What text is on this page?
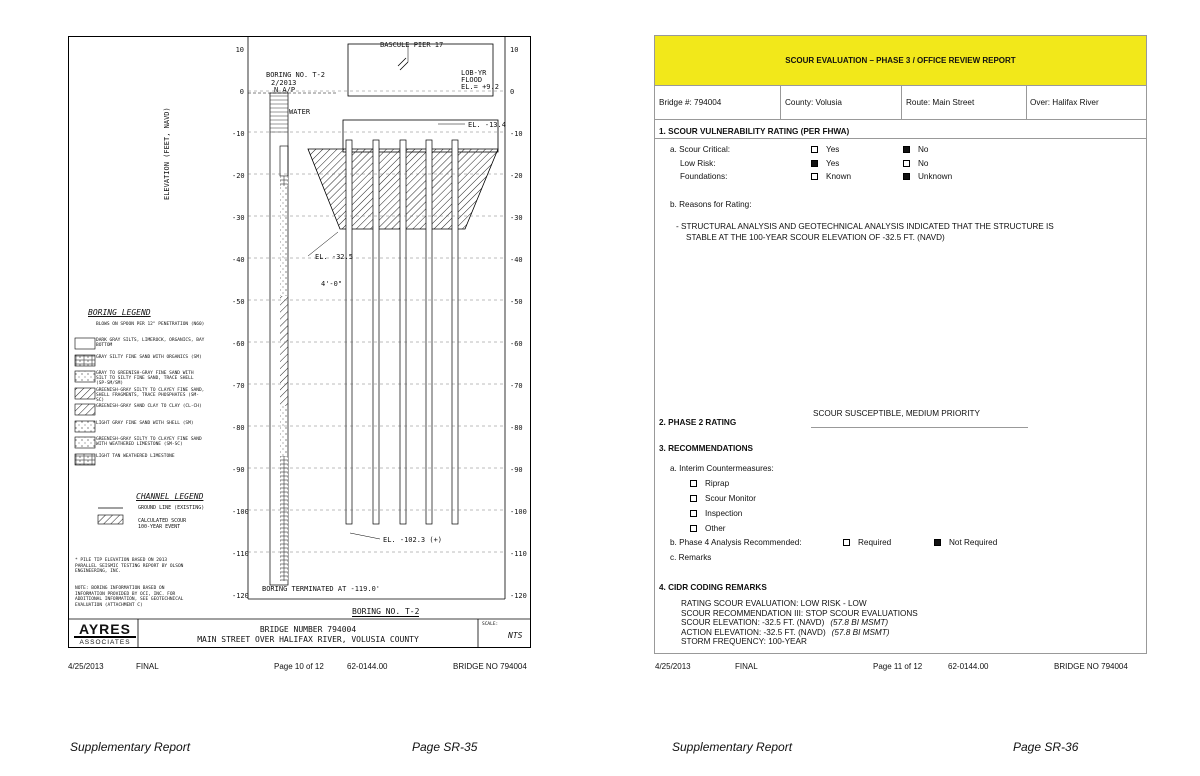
BASCULE PIER 17
BORING NO. T-2
2/2013
N A/P
WATER
LOB-YR
FLOOD
EL.= +9.2
EL. -13.4
EL. -32.5
4'-0"
EL. -102.3 (+)
ELEVATION (FEET, NAVD)
BORING TERMINATED AT -119.0'
BORING NO. T-2
10	10
0	0
-10	-10
-20	-20
-30	-30
-40	-40
-50	-50
-60	-60
-70	-70
-80	-80
-90	-90
-100	-100
-110	-110
-120	-120
BORING LEGEND
BLOWS ON SPOON PER 12" PENETRATION (N60)
DARK GRAY SILTS, LIMEROCK, ORGANICS, BAY BOTTOM
GRAY SILTY FINE SAND WITH ORGANICS (SM)
GRAY TO GREENISH-GRAY FINE SAND WITH SILT TO SILTY FINE SAND, TRACE SHELL (SP-SM/SM)
GREENISH-GRAY SILTY TO CLAYEY FINE SAND, SHELL FRAGMENTS, TRACE PHOSPHATES (SM-SC)
GREENISH-GRAY SAND CLAY TO CLAY (CL-CH)
LIGHT GRAY FINE SAND WITH SHELL (SM)
GREENISH-GRAY SILTY TO CLAYEY FINE SAND WITH WEATHERED LIMESTONE (SM-SC)
LIGHT TAN WEATHERED LIMESTONE
CHANNEL LEGEND
GROUND LINE (EXISTING)
CALCULATED SCOUR 100-YEAR EVENT
* PILE TIP ELEVATION BASED ON 2013 PARALLEL SEISMIC TESTING REPORT BY OLSON ENGINEERING, INC.
NOTE: BORING INFORMATION BASED ON INFORMATION PROVIDED BY OCI, INC. FOR ADDITIONAL INFORMATION, SEE GEOTECHNICAL EVALUATION (ATTACHMENT C)
AYRES
ASSOCIATES
BRIDGE NUMBER 794004
MAIN STREET OVER HALIFAX RIVER, VOLUSIA COUNTY
SCALE:
NTS
4/25/2013	FINAL	Page 10 of 12	62-0144.00	BRIDGE NO 794004
Supplementary Report	Page SR-35
SCOUR EVALUATION – PHASE 3 / OFFICE REVIEW REPORT
Bridge #: 794004	County: Volusia	Route: Main Street	Over: Halifax River
1. SCOUR VULNERABILITY RATING (PER FHWA)
a. Scour Critical:	Yes	No
Low Risk:	Yes	No
Foundations:	Known	Unknown
b. Reasons for Rating:
- STRUCTURAL ANALYSIS AND GEOTECHNICAL ANALYSIS INDICATED THAT THE STRUCTURE IS
STABLE AT THE 100-YEAR SCOUR ELEVATION OF -32.5 FT. (NAVD)
2. PHASE 2 RATING
SCOUR SUSCEPTIBLE, MEDIUM PRIORITY
3. RECOMMENDATIONS
a. Interim Countermeasures:
Riprap
Scour Monitor
Inspection
Other
b. Phase 4 Analysis Recommended:	Required	Not Required
c. Remarks
4. CIDR CODING REMARKS
RATING SCOUR EVALUATION: LOW RISK - LOW
SCOUR RECOMMENDATION III: STOP SCOUR EVALUATIONS
SCOUR ELEVATION: -32.5 FT. (NAVD) (57.8 BI MSMT)
ACTION ELEVATION: -32.5 FT. (NAVD) (57.8 BI MSMT)
STORM FREQUENCY: 100-YEAR
4/25/2013	FINAL	Page 11 of 12	62-0144.00	BRIDGE NO 794004
Supplementary Report	Page SR-36
